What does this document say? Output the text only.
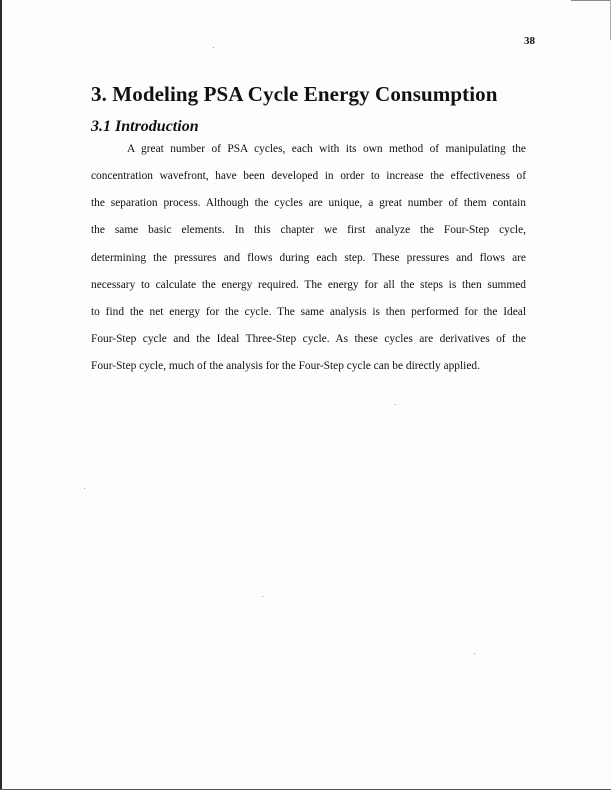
38
3. Modeling PSA Cycle Energy Consumption
3.1 Introduction

A great number of PSA cycles, each with its own method of manipulating the
concentration wavefront, have been developed in order to increase the effectiveness of
the separation process. Although the cycles are unique, a great number of them contain
the same basic elements. In this chapter we first analyze the Four-Step cycle,
determining the pressures and flows during each step. These pressures and flows are
necessary to calculate the energy required. The energy for all the steps is then summed
to find the net energy for the cycle. The same analysis is then performed for the Ideal
Four-Step cycle and the Ideal Three-Step cycle. As these cycles are derivatives of the
Four-Step cycle, much of the analysis for the Four-Step cycle can be directly applied.
